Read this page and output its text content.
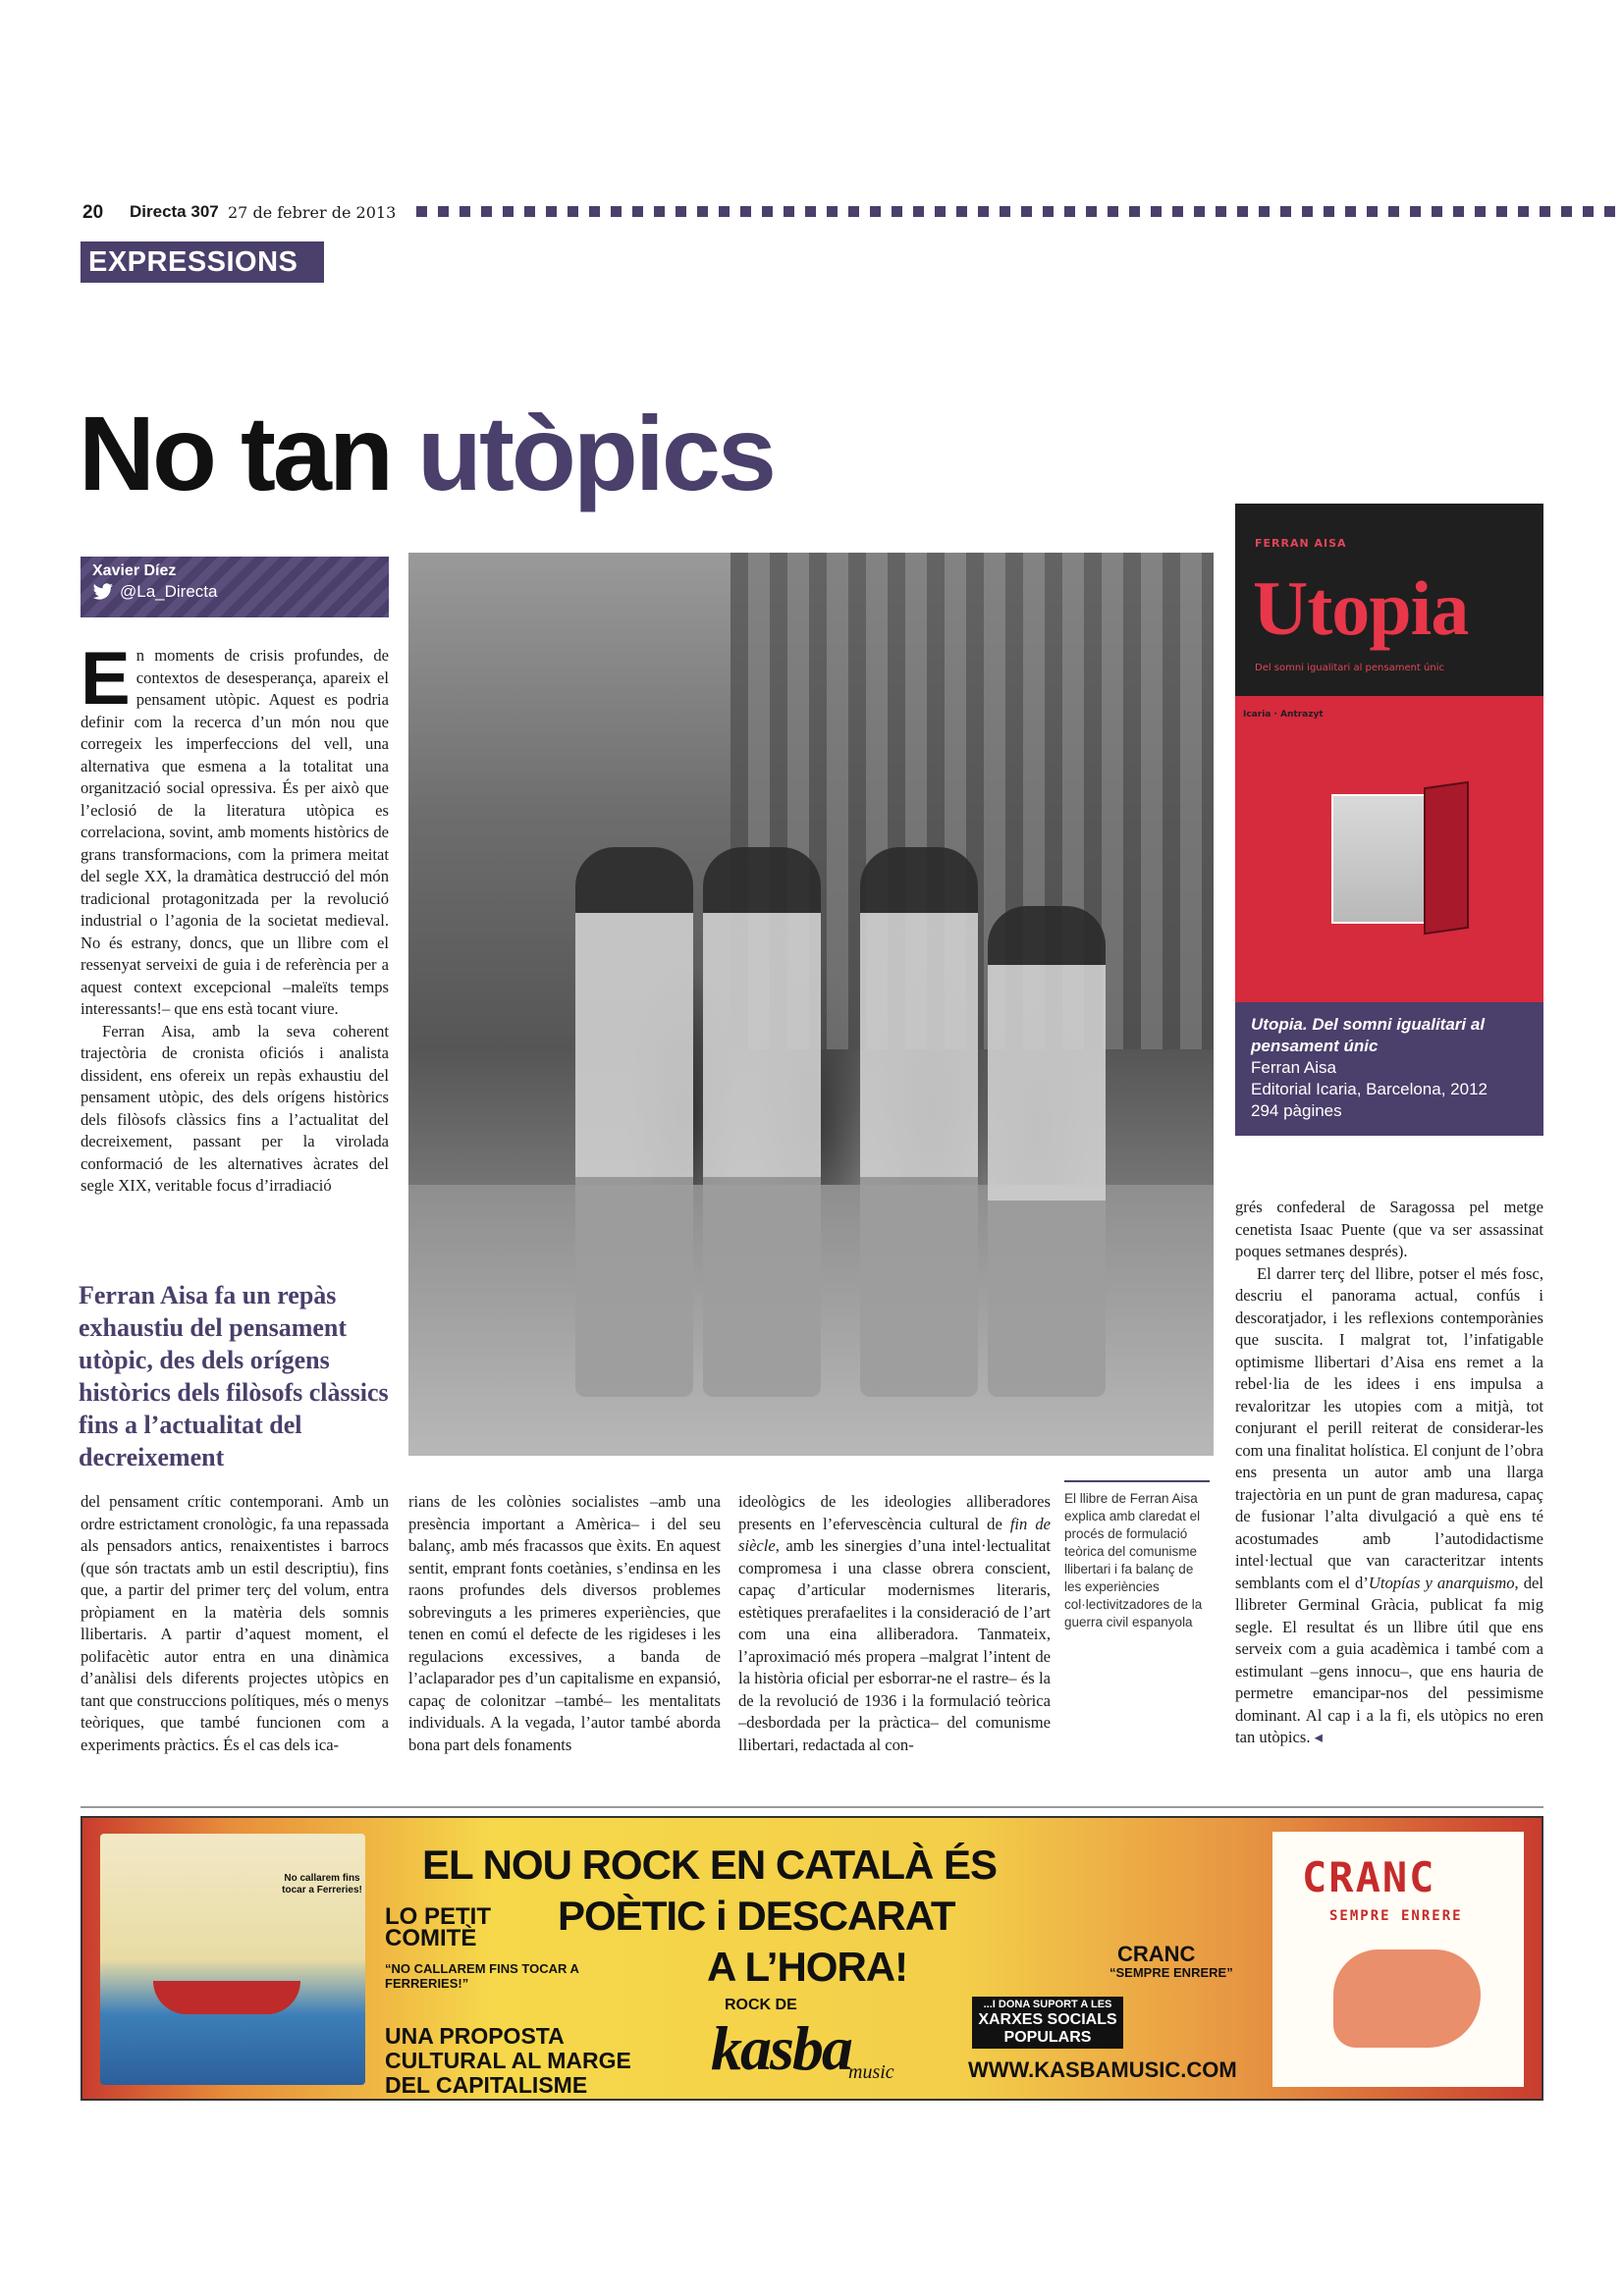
20 Directa 307 27 de febrer de 2013
EXPRESSIONS
No tan utòpics
Xavier Díez
@La_Directa

En moments de crisis profundes, de contextos de desesperança, apareix el pensament utòpic. Aquest es podria definir com la recerca d’un món nou que corregeix les imperfeccions del vell, una alternativa que esmena a la totalitat una organització social opressiva. És per això que l’eclosió de la literatura utòpica es correlaciona, sovint, amb moments històrics de grans transformacions, com la primera meitat del segle XX, la dramàtica destrucció del món tradicional protagonitzada per la revolució industrial o l’agonia de la societat medieval. No és estrany, doncs, que un llibre com el ressenyat serveixi de guia i de referència per a aquest context excepcional –maleïts temps interessants!– que ens està tocant viure.

Ferran Aisa, amb la seva coherent trajectòria de cronista oficiós i analista dissident, ens ofereix un repàs exhaustiu del pensament utòpic, des dels orígens històrics dels filòsofs clàssics fins a l’actualitat del decreixement, passant per la virolada conformació de les alternatives àcrates del segle XIX, veritable focus d’irradiació

Ferran Aisa fa un repàs exhaustiu del pensament utòpic, des dels orígens històrics dels filòsofs clàssics fins a l’actualitat del decreixement

del pensament crític contemporani. Amb un ordre estrictament cronològic, fa una repassada als pensadors antics, renaixentistes i barrocs (que són tractats amb un estil descriptiu), fins que, a partir del primer terç del volum, entra pròpiament en la matèria dels somnis llibertaris. A partir d’aquest moment, el polifacètic autor entra en una dinàmica d’anàlisi dels diferents projectes utòpics en tant que construccions polítiques, més o menys teòriques, que també funcionen com a experiments pràctics. És el cas dels ica-

rians de les colònies socialistes –amb una presència important a Amèrica– i del seu balanç, amb més fracassos que èxits. En aquest sentit, emprant fonts coetànies, s’endinsa en les raons profundes dels diversos problemes sobrevinguts a les primeres experiències, que tenen en comú el defecte de les rigideses i les regulacions excessives, a banda de l’aclaparador pes d’un capitalisme en expansió, capaç de colonitzar –també– les mentalitats individuals. A la vegada, l’autor també aborda bona part dels fonaments

ideològics de les ideologies alliberadores presents en l’efervescència cultural de fin de siècle, amb les sinergies d’una intel·lectualitat compromesa i una classe obrera conscient, capaç d’articular modernismes literaris, estètiques prerafaelites i la consideració de l’art com una eina alliberadora. Tanmateix, l’aproximació més propera –malgrat l’intent de la història oficial per esborrar-ne el rastre– és la de la revolució de 1936 i la formulació teòrica –desbordada per la pràctica– del comunisme llibertari, redactada al con-

El llibre de Ferran Aisa explica amb claredat el procés de formulació teòrica del comunisme llibertari i fa balanç de les experiències col·lectivitzadores de la guerra civil espanyola
FERRAN AISA
Utopia
Del somni igualitari al pensament únic
Icaria · Antrazyt
Utopia. Del somni igualitari al pensament únic
Ferran Aisa
Editorial Icaria, Barcelona, 2012
294 pàgines

grés confederal de Saragossa pel metge cenetista Isaac Puente (que va ser assassinat poques setmanes després).

El darrer terç del llibre, potser el més fosc, descriu el panorama actual, confús i descoratjador, i les reflexions contemporànies que suscita. I malgrat tot, l’infatigable optimisme llibertari d’Aisa ens remet a la rebel·lia de les idees i ens impulsa a revaloritzar les utopies com a mitjà, tot conjurant el perill reiterat de considerar-les com una finalitat holística. El conjunt de l’obra ens presenta un autor amb una llarga trajectòria en un punt de gran maduresa, capaç de fusionar l’alta divulgació a què ens té acostumades amb l’autodidactisme intel·lectual que van caracteritzar intents semblants com el d’Utopías y anarquismo, del llibreter Germinal Gràcia, publicat fa mig segle. El resultat és un llibre útil que ens serveix com a guia acadèmica i també com a estimulant –gens innocu–, que ens hauria de permetre emancipar-nos del pessimisme dominant. Al cap i a la fi, els utòpics no eren tan utòpics. ◂

No callarem fins tocar a Ferreries!
EL NOU ROCK EN CATALÀ ÉS
POÈTIC i DESCARAT
A L’HORA!
LO PETIT COMITÈ
“NO CALLAREM FINS TOCAR A FERRERIES!”
CRANC
“SEMPRE ENRERE”
UNA PROPOSTA CULTURAL AL MARGE DEL CAPITALISME
ROCK DE
kasba
music
...I DONA SUPORT A LES
XARXES SOCIALS POPULARS
WWW.KASBAMUSIC.COM
CRANC
SEMPRE ENRERE
